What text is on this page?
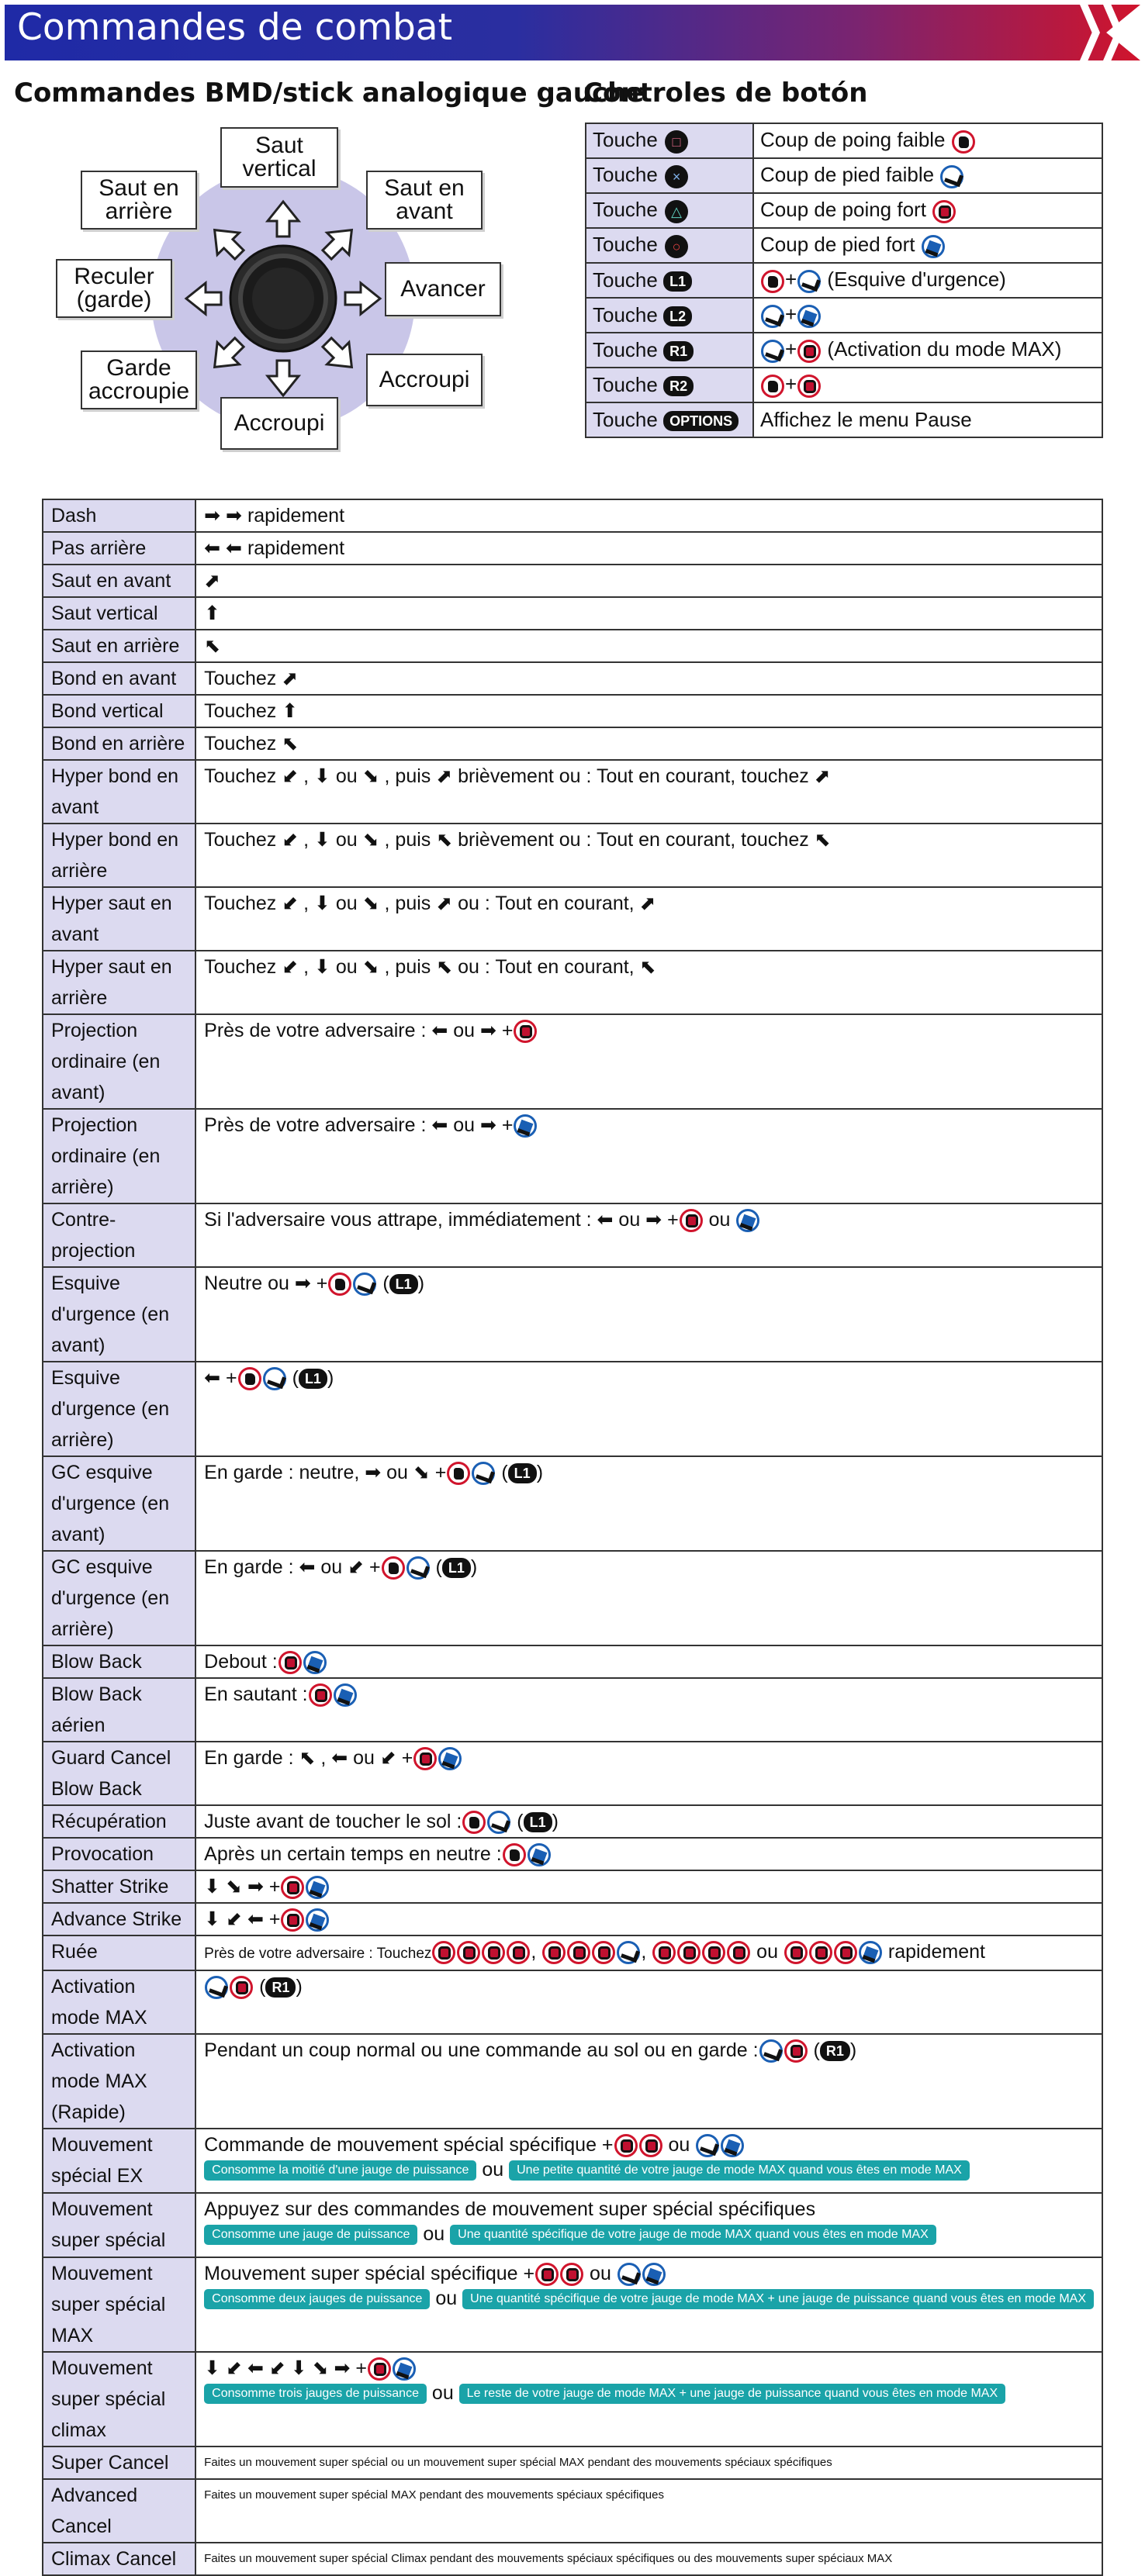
Commandes de combat
Commandes BMD/stick analogique gauche
Controles de botón
Saut
vertical
Saut en
arrière
Saut en
avant
Reculer
(garde)	Avancer
Garde
accroupie	Accroupi
Accroupi
Touche □	Coup de poing faible
Touche ×	Coup de pied faible
Touche △	Coup de poing fort
Touche ○	Coup de pied fort
Touche L1	+ (Esquive d'urgence)
Touche L2	+
Touche R1	+ (Activation du mode MAX)
Touche R2	+
Touche OPTIONS	Affichez le menu Pause
Dash	➡ ➡ rapidement

Pas arrière	⬅ ⬅ rapidement

Saut en avant	⬈

Saut vertical	⬆

Saut en arrière	⬉

Bond en avant	Touchez ⬈

Bond vertical	Touchez ⬆

Bond en arrière	Touchez ⬉

Hyper bond en avant	Touchez ⬋ , ⬇ ou ⬊ , puis ⬈ brièvement ou : Tout en courant, touchez ⬈

Hyper bond en arrière	Touchez ⬋ , ⬇ ou ⬊ , puis ⬉ brièvement ou : Tout en courant, touchez ⬉

Hyper saut en avant	Touchez ⬋ , ⬇ ou ⬊ , puis ⬈ ou : Tout en courant, ⬈

Hyper saut en arrière	Touchez ⬋ , ⬇ ou ⬊ , puis ⬉ ou : Tout en courant, ⬉

Projection ordinaire (en avant)	Près de votre adversaire : ⬅ ou ➡ +

Projection ordinaire (en arrière)	Près de votre adversaire : ⬅ ou ➡ +

Contre-projection	Si l'adversaire vous attrape, immédiatement : ⬅ ou ➡ + ou

Esquive d'urgence (en avant)	Neutre ou ➡ + ( L1 )

Esquive d'urgence (en arrière)	⬅ + ( L1 )

GC esquive d'urgence (en avant)	En garde : neutre, ➡ ou ⬊ + ( L1 )

GC esquive d'urgence (en arrière)	En garde : ⬅ ou ⬋ + ( L1 )

Blow Back	Debout :

Blow Back aérien	En sautant :

Guard Cancel Blow Back	En garde : ⬉ , ⬅ ou ⬋ +

Récupération	Juste avant de toucher le sol : ( L1 )

Provocation	Après un certain temps en neutre :

Shatter Strike	⬇ ⬊ ➡ +

Advance Strike	⬇ ⬋ ⬅ +

Ruée	Près de votre adversaire : Touchez , , ou rapidement

Activation mode MAX	( R1 )

Activation mode MAX (Rapide)	Pendant un coup normal ou une commande au sol ou en garde : ( R1 )

Mouvement spécial EX	Commande de mouvement spécial spécifique + ou
Consomme la moitié d'une jauge de puissance ou Une petite quantité de votre jauge de mode MAX quand vous êtes en mode MAX

Mouvement super spécial	Appuyez sur des commandes de mouvement super spécial spécifiques
Consomme une jauge de puissance ou Une quantité spécifique de votre jauge de mode MAX quand vous êtes en mode MAX

Mouvement super spécial MAX	Mouvement super spécial spécifique + ou
Consomme deux jauges de puissance ou Une quantité spécifique de votre jauge de mode MAX + une jauge de puissance quand vous êtes en mode MAX

Mouvement super spécial climax	⬇ ⬋ ⬅ ⬋ ⬇ ⬊ ➡ +
Consomme trois jauges de puissance ou Le reste de votre jauge de mode MAX + une jauge de puissance quand vous êtes en mode MAX

Super Cancel	Faites un mouvement super spécial ou un mouvement super spécial MAX pendant des mouvements spéciaux spécifiques

Advanced Cancel	Faites un mouvement super spécial MAX pendant des mouvements spéciaux spécifiques

Climax Cancel	Faites un mouvement super spécial Climax pendant des mouvements spéciaux spécifiques ou des mouvements super spéciaux MAX
